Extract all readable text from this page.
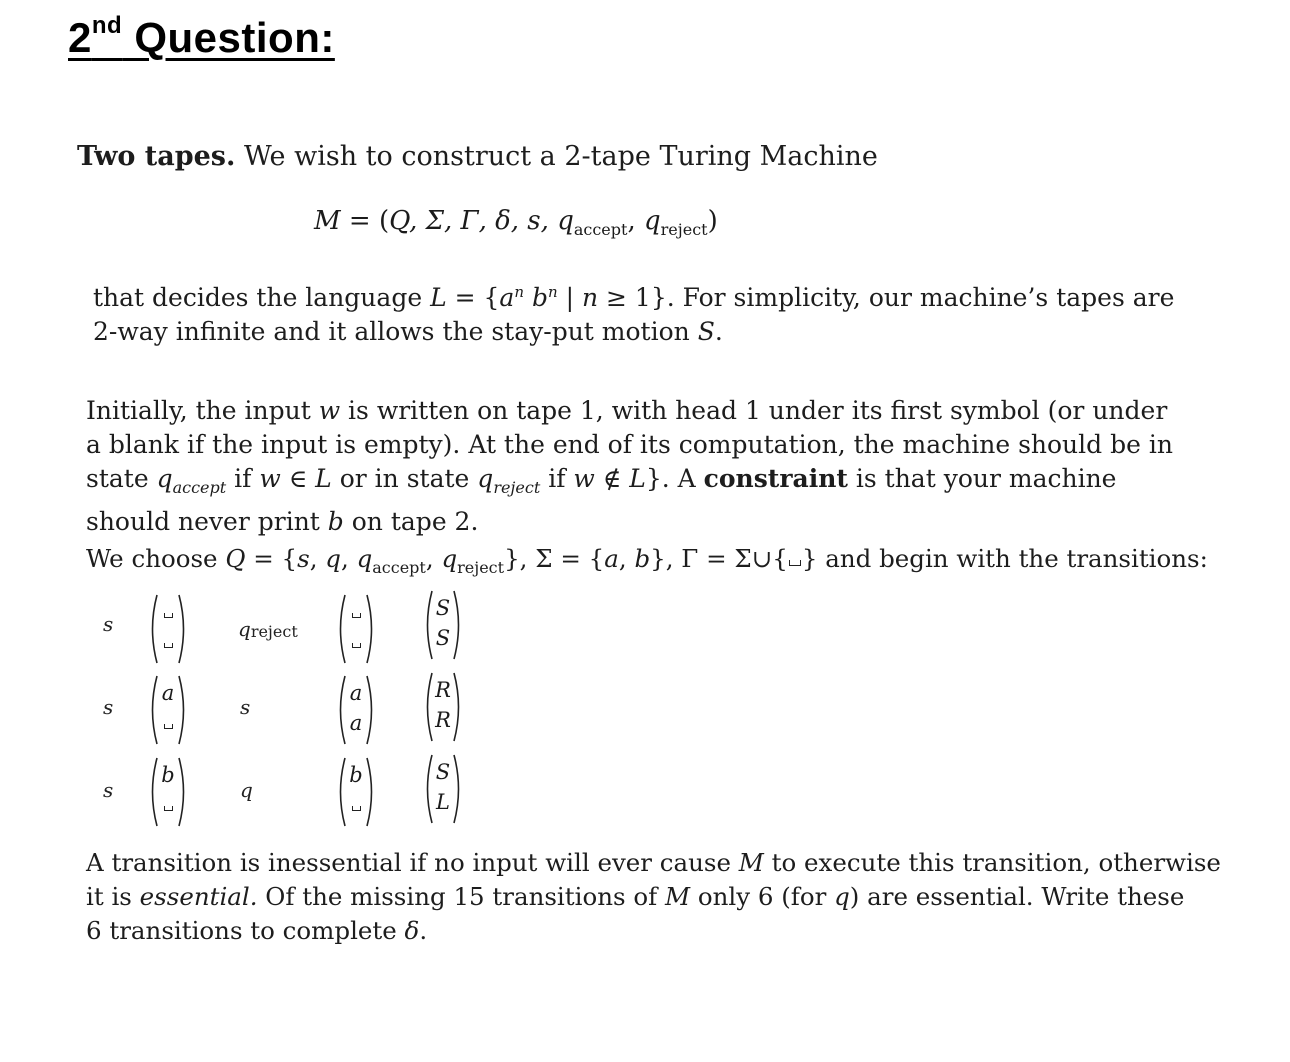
2nd Question:
Two tapes. We wish to construct a 2-tape Turing Machine
M = (Q, Σ, Γ, δ, s, $q_{accept}$, $q_{reject}$)
that decides the language $L = \{a^n$ $b^n$ | n ≥ 1}. For simplicity, our machine’s tapes are
2-way infinite and it allows the stay-put motion S.
Initially, the input w is written on tape 1, with head 1 under its first symbol (or under
a blank if the input is empty). At the end of its computation, the machine should be in
state $q_{accept}$ if w ∈ L or in state $q_{reject}$ if w ∉ L}. A constraint is that your machine
should never print b on tape 2.
We choose Q = {s, q, $q_{accept}$, $q_{reject}$}, Σ = {a, b}, Γ = Σ∪{ } and begin with the transitions:
s	qreject
S
S
s
a
s
a
a
R
R
s
b
q
b	S
L
A transition is inessential if no input will ever cause M to execute this transition, otherwise
it is essential. Of the missing 15 transitions of M only 6 (for q) are essential. Write these
6 transitions to complete δ.
